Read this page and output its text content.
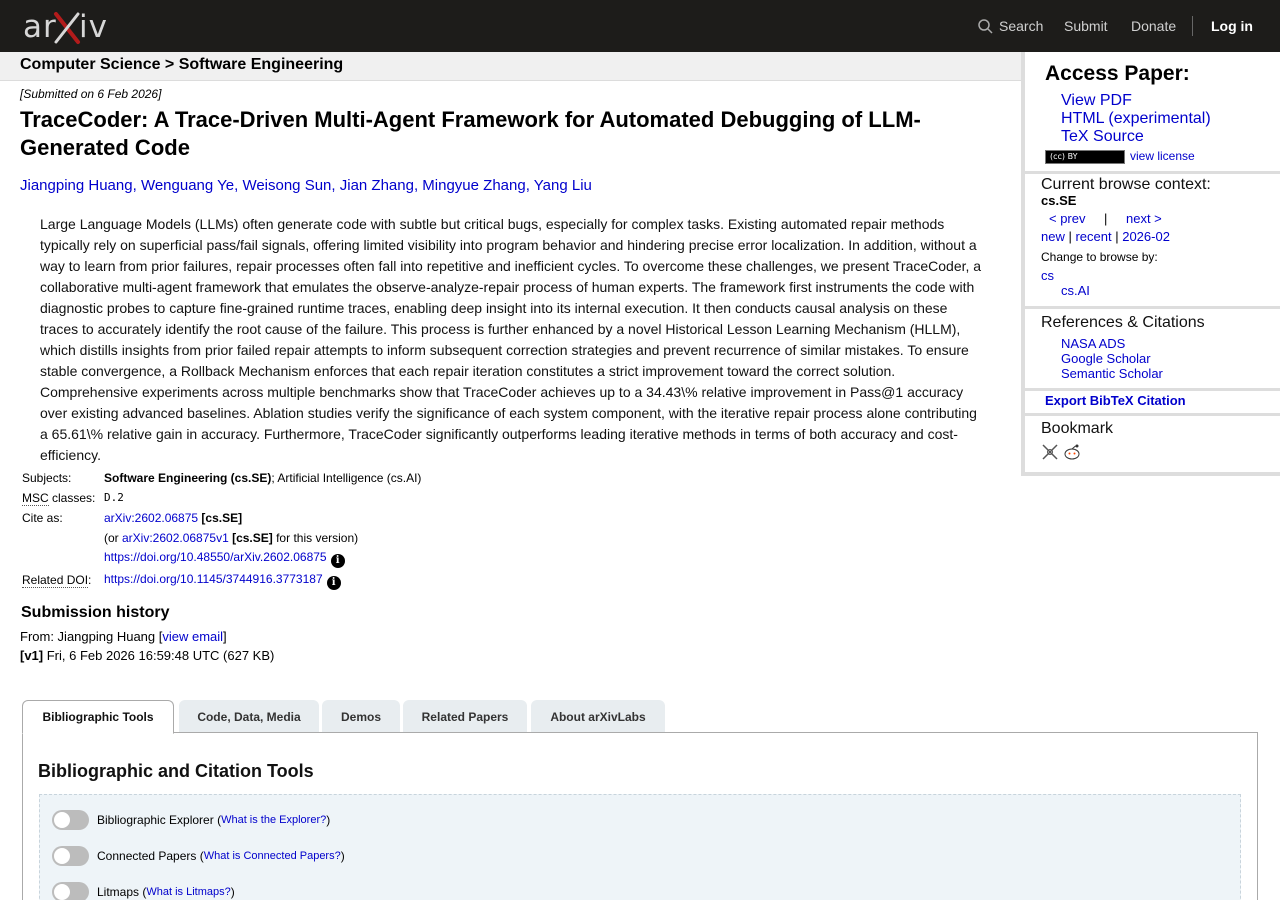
ar iv	Search Submit Donate Log in
Computer Science > Software Engineering
[Submitted on 6 Feb 2026]
TraceCoder: A Trace-Driven Multi-Agent Framework for Automated Debugging of LLM-Generated Code
Jiangping Huang, Wenguang Ye, Weisong Sun, Jian Zhang, Mingyue Zhang, Yang Liu
Large Language Models (LLMs) often generate code with subtle but critical bugs, especially for complex tasks. Existing automated repair methods typically rely on superficial pass/fail signals, offering limited visibility into program behavior and hindering precise error localization. In addition, without a way to learn from prior failures, repair processes often fall into repetitive and inefficient cycles. To overcome these challenges, we present TraceCoder, a collaborative multi-agent framework that emulates the observe-analyze-repair process of human experts. The framework first instruments the code with diagnostic probes to capture fine-grained runtime traces, enabling deep insight into its internal execution. It then conducts causal analysis on these traces to accurately identify the root cause of the failure. This process is further enhanced by a novel Historical Lesson Learning Mechanism (HLLM), which distills insights from prior failed repair attempts to inform subsequent correction strategies and prevent recurrence of similar mistakes. To ensure stable convergence, a Rollback Mechanism enforces that each repair iteration constitutes a strict improvement toward the correct solution. Comprehensive experiments across multiple benchmarks show that TraceCoder achieves up to a 34.43\% relative improvement in Pass@1 accuracy over existing advanced baselines. Ablation studies verify the significance of each system component, with the iterative repair process alone contributing a 65.61\% relative gain in accuracy. Furthermore, TraceCoder significantly outperforms leading iterative methods in terms of both accuracy and cost-efficiency.
Subjects:	Software Engineering (cs.SE); Artificial Intelligence (cs.AI)
MSC classes: D.2
Cite as:	arXiv:2602.06875 [cs.SE]
(or arXiv:2602.06875v1 [cs.SE] for this version)
https://doi.org/10.48550/arXiv.2602.06875 i
Related DOI: https://doi.org/10.1145/3744916.3773187 i
Submission history
From: Jiangping Huang [view email]
[v1] Fri, 6 Feb 2026 16:59:48 UTC (627 KB)
Bibliographic Tools	Code, Data, Media	Demos	Related Papers	About arXivLabs
Bibliographic and Citation Tools
Bibliographic Explorer ( What is the Explorer? )
Connected Papers ( What is Connected Papers? )
Litmaps ( What is Litmaps? )
Access Paper:
View PDF
HTML (experimental)
TeX Source
(cc) BY	view license
Current browse context:
cs.SE
< prev | next >
new | recent | 2026-02
Change to browse by:
cs
cs.AI
References & Citations
NASA ADS
Google Scholar
Semantic Scholar
Export BibTeX Citation
Bookmark
